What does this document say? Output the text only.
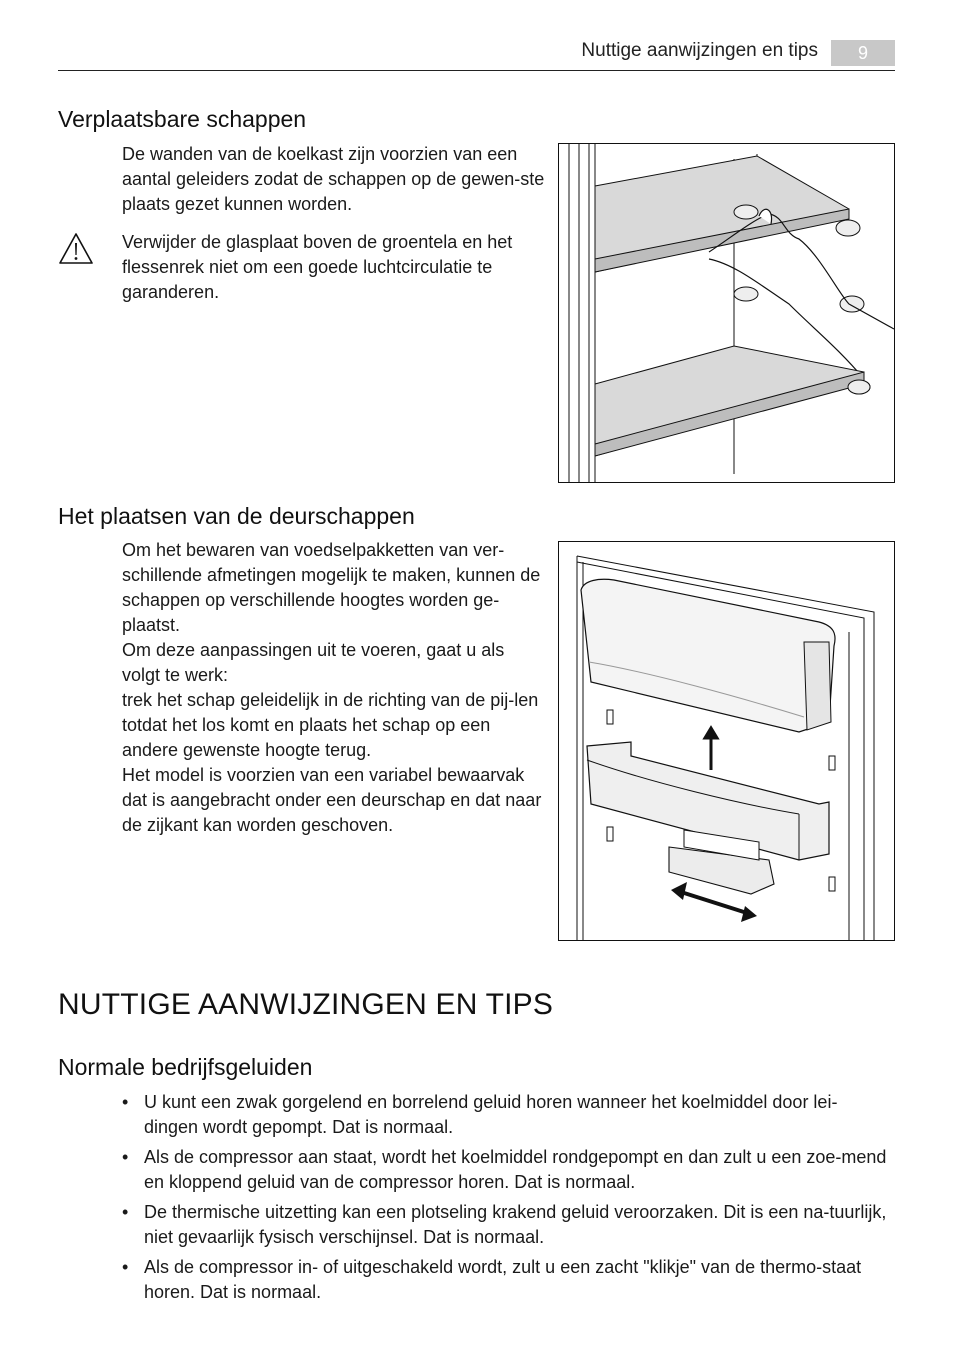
Nuttige aanwijzingen en tips	9
Verplaatsbare schappen

De wanden van de koelkast zijn voorzien van een aantal geleiders zodat de schappen op de gewen-ste plaats gezet kunnen worden.

Verwijder de glasplaat boven de groentela en het flessenrek niet om een goede luchtcirculatie te garanderen.
Het plaatsen van de deurschappen

Om het bewaren van voedselpakketten van ver-schillende afmetingen mogelijk te maken, kunnen de schappen op verschillende hoogtes worden ge-plaatst.

Om deze aanpassingen uit te voeren, gaat u als volgt te werk:

trek het schap geleidelijk in de richting van de pij-len totdat het los komt en plaats het schap op een andere gewenste hoogte terug.

Het model is voorzien van een variabel bewaarvak dat is aangebracht onder een deurschap en dat naar de zijkant kan worden geschoven.

NUTTIGE AANWIJZINGEN EN TIPS
Normale bedrijfsgeluiden
• U kunt een zwak gorgelend en borrelend geluid horen wanneer het koelmiddel door lei-dingen wordt gepompt. Dat is normaal.
• Als de compressor aan staat, wordt het koelmiddel rondgepompt en dan zult u een zoe-mend en kloppend geluid van de compressor horen. Dat is normaal.
• De thermische uitzetting kan een plotseling krakend geluid veroorzaken. Dit is een na-tuurlijk, niet gevaarlijk fysisch verschijnsel. Dat is normaal.
• Als de compressor in- of uitgeschakeld wordt, zult u een zacht "klikje" van de thermo-staat horen. Dat is normaal.
